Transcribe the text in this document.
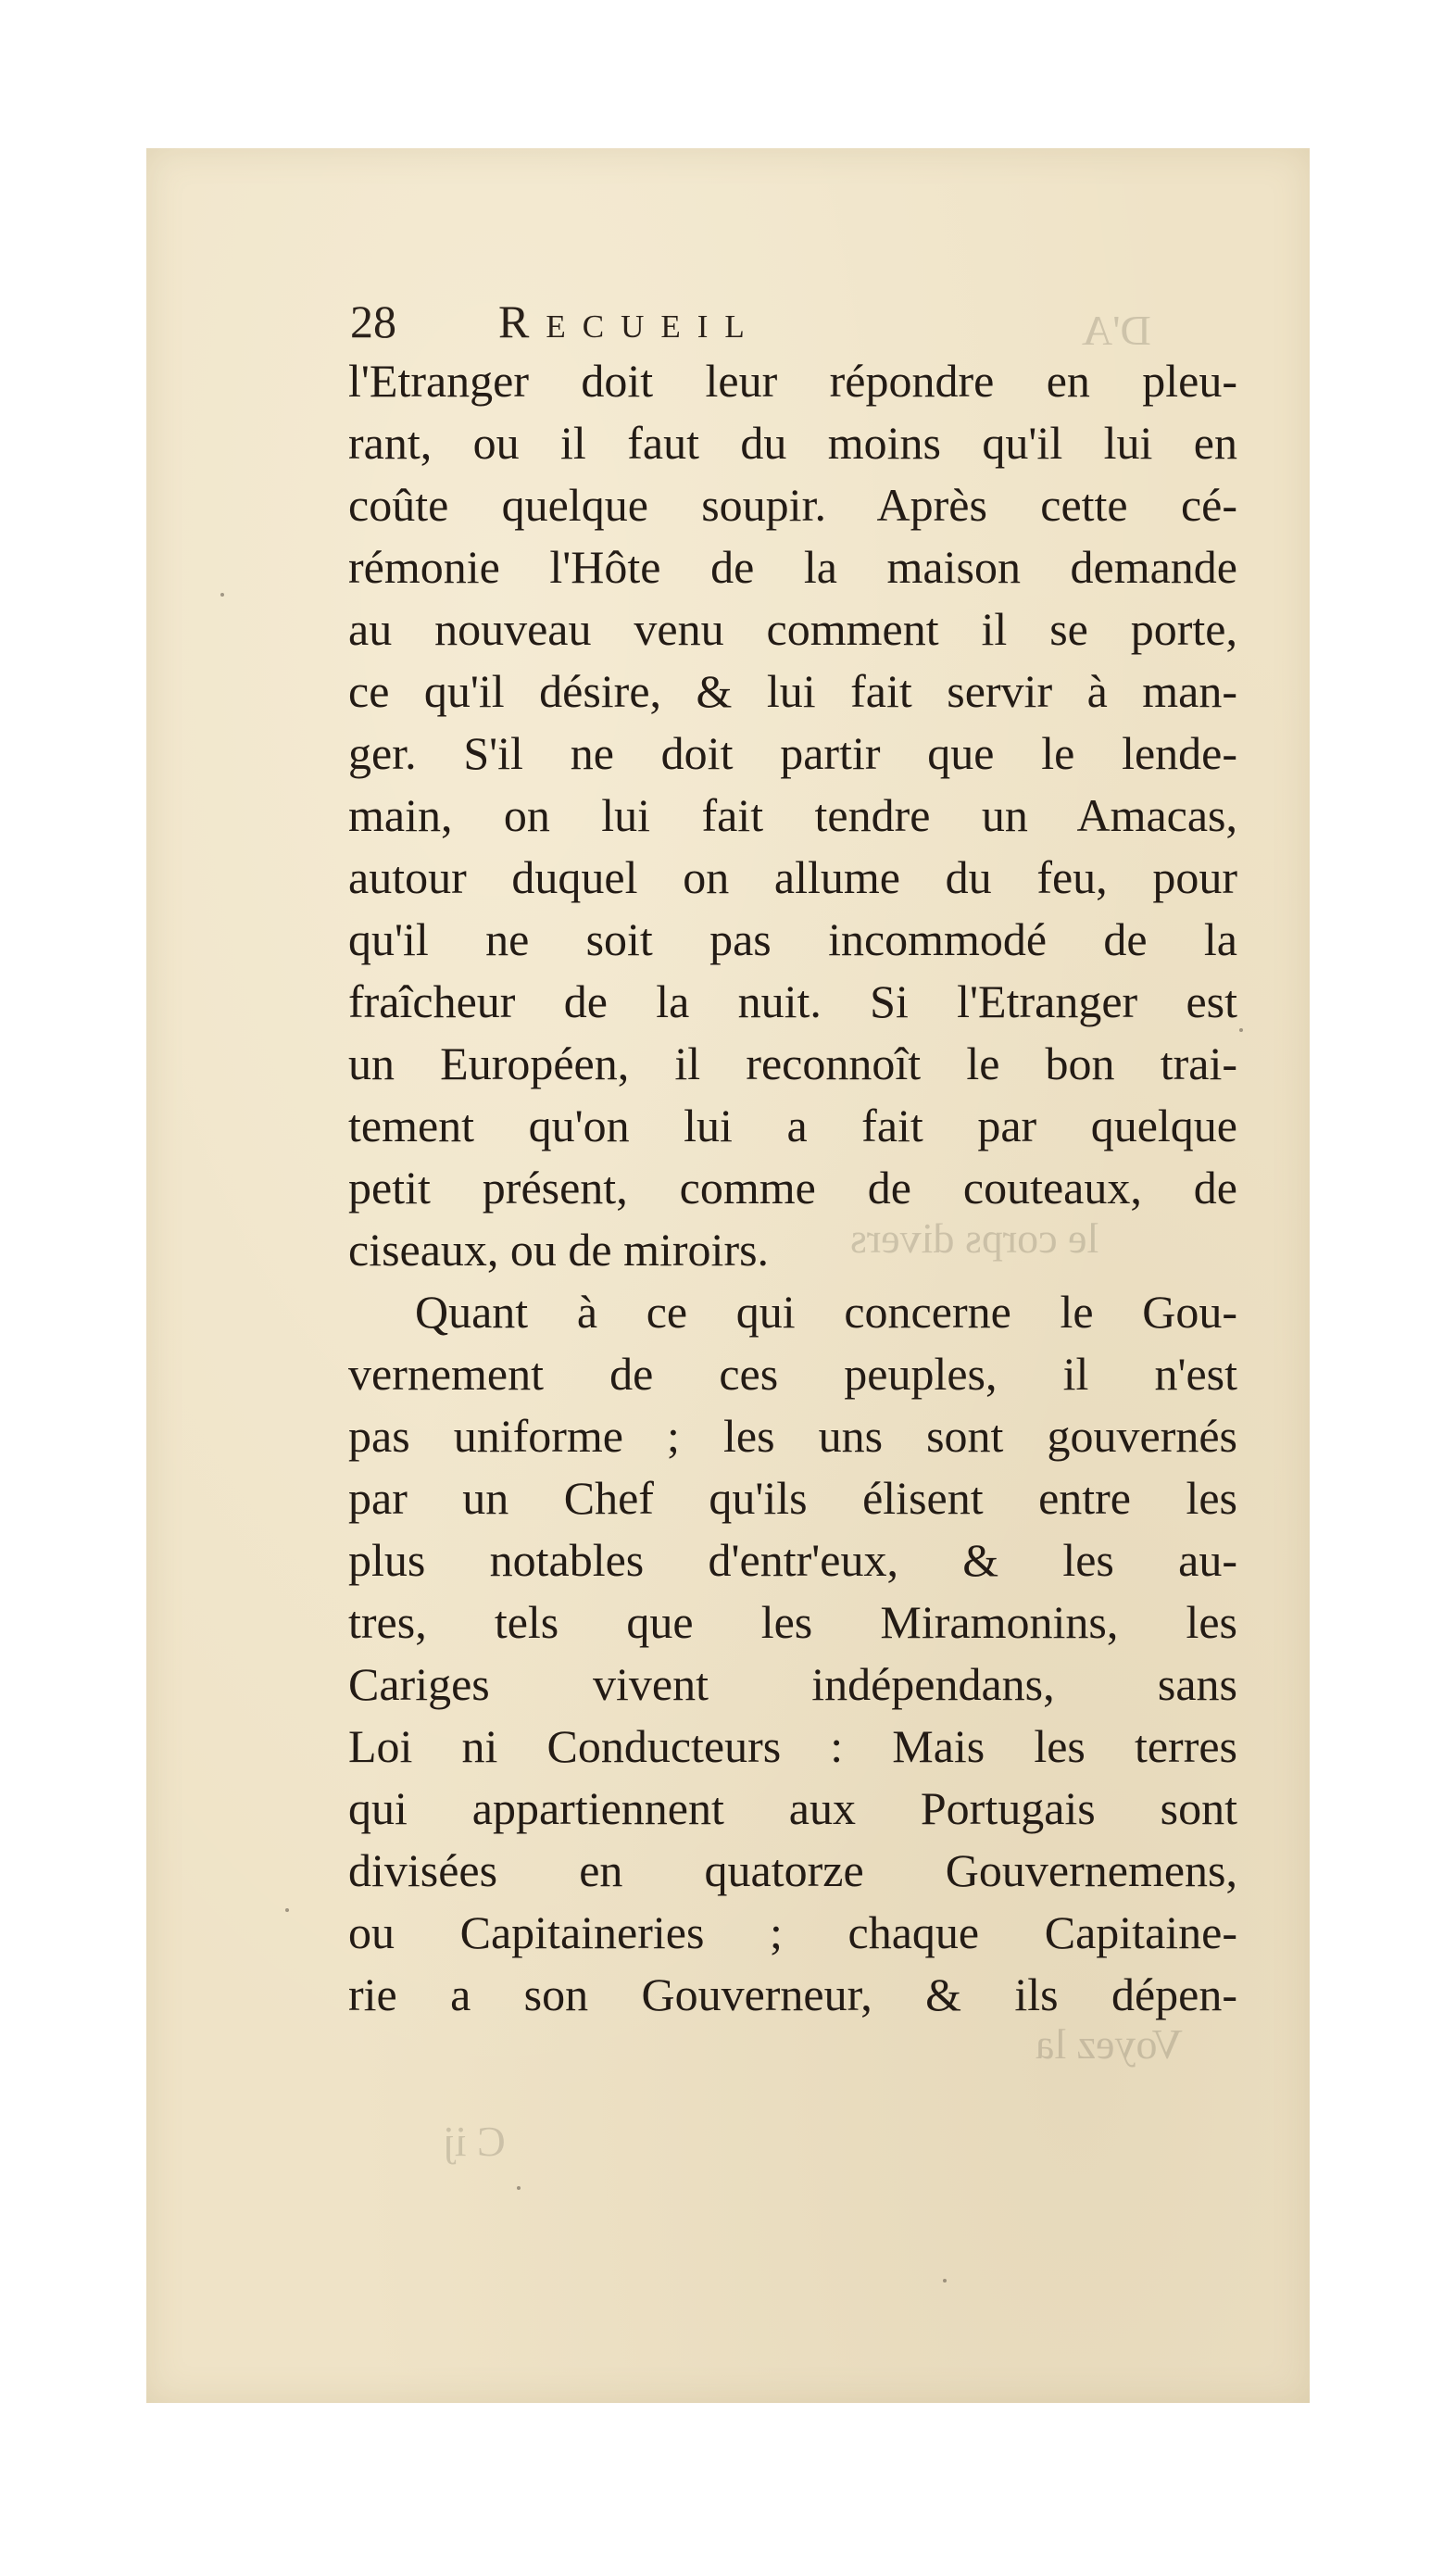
le corps divers
Voyez la
D'A
C ij
28 Recueil
l'Etranger doit leur répondre en pleu-
rant, ou il faut du moins qu'il lui en
coûte quelque soupir. Après cette cé-
rémonie l'Hôte de la maison demande
au nouveau venu comment il se porte,
ce qu'il désire, & lui fait servir à man-
ger. S'il ne doit partir que le lende-
main, on lui fait tendre un Amacas,
autour duquel on allume du feu, pour
qu'il ne soit pas incommodé de la
fraîcheur de la nuit. Si l'Etranger est
un Européen, il reconnoît le bon trai-
tement qu'on lui a fait par quelque
petit présent, comme de couteaux, de
ciseaux, ou de miroirs.
Quant à ce qui concerne le Gou-
vernement de ces peuples, il n'est
pas uniforme ; les uns sont gouvernés
par un Chef qu'ils élisent entre les
plus notables d'entr'eux, & les au-
tres, tels que les Miramonins, les
Cariges vivent indépendans, sans
Loi ni Conducteurs : Mais les terres
qui appartiennent aux Portugais sont
divisées en quatorze Gouvernemens,
ou Capitaineries ; chaque Capitaine-
rie a son Gouverneur, & ils dépen-
